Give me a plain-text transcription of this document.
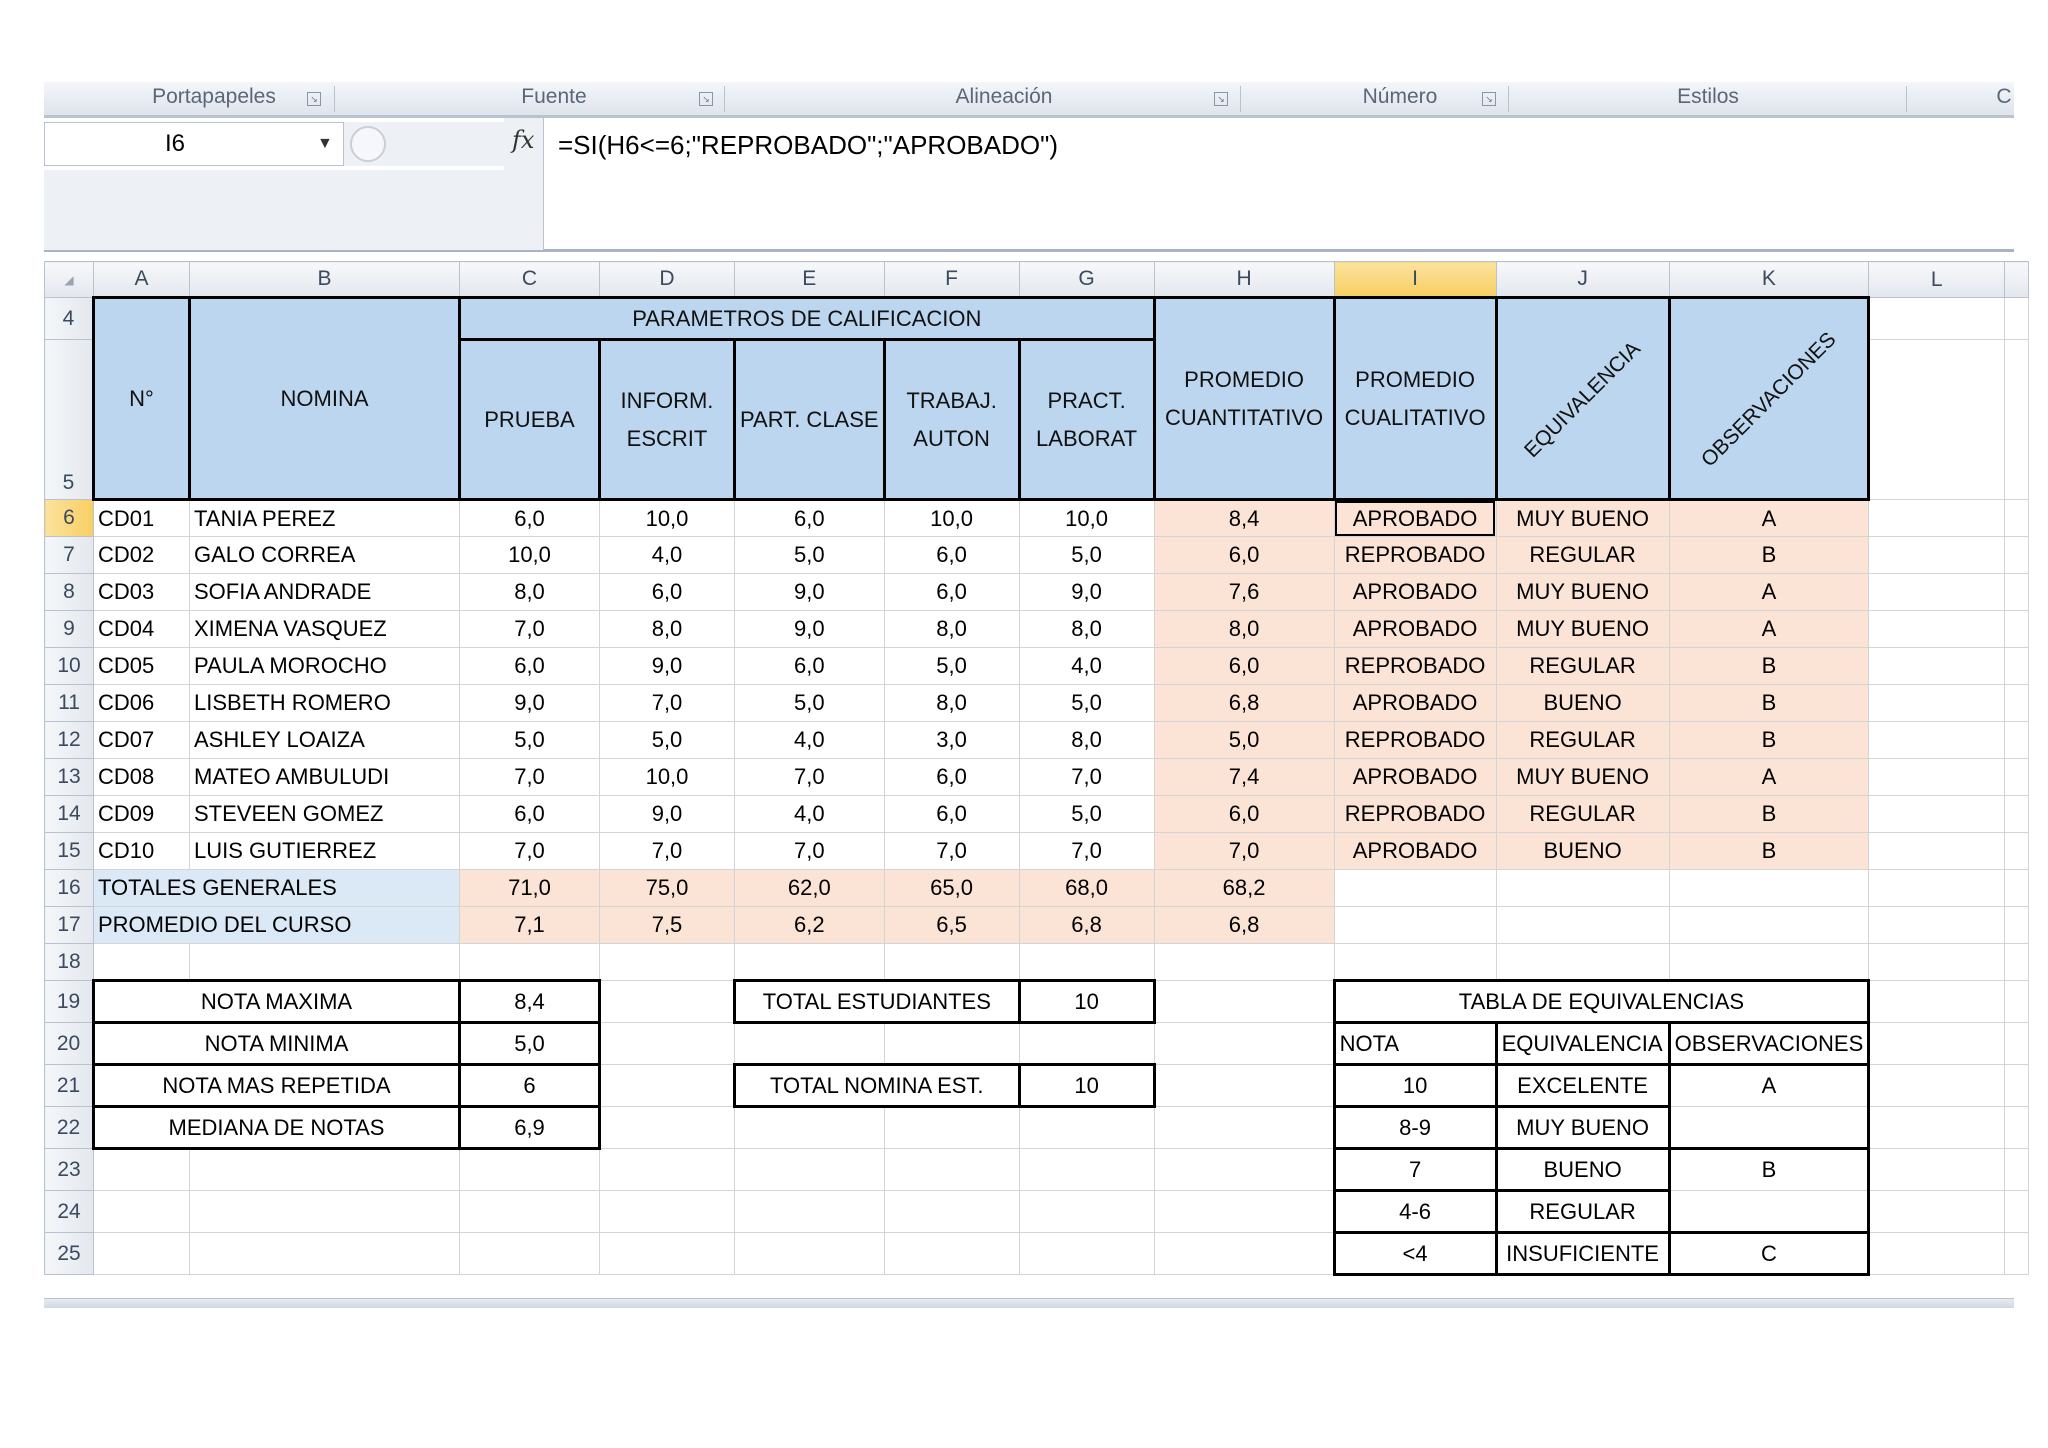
Portapapeles	↘	Fuente	↘	Alineación	↘	Número	↘	Estilos	C
I6	▼	fx =SI(H6<=6;"REPROBADO";"APROBADO")
◢	A	B	C	D	E	F	G	H	I	J	K	L	
4	N°	NOMINA	PARAMETROS DE CALIFICACION					PROMEDIO CUANTITATIVO	PROMEDIO CUALITATIVO	EQUIVALENCIA	OBSERVACIONES		
5			PRUEBA	INFORM. ESCRIT	PART. CLASE	TRABAJ. AUTON	PRACT. LABORAT						
6	CD01	TANIA PEREZ	6,0	10,0	6,0	10,0	10,0	8,4	APROBADO	MUY BUENO	A		
7	CD02	GALO CORREA	10,0	4,0	5,0	6,0	5,0	6,0	REPROBADO	REGULAR	B		
8	CD03	SOFIA ANDRADE	8,0	6,0	9,0	6,0	9,0	7,6	APROBADO	MUY BUENO	A		
9	CD04	XIMENA VASQUEZ	7,0	8,0	9,0	8,0	8,0	8,0	APROBADO	MUY BUENO	A		
10	CD05	PAULA MOROCHO	6,0	9,0	6,0	5,0	4,0	6,0	REPROBADO	REGULAR	B		
11	CD06	LISBETH ROMERO	9,0	7,0	5,0	8,0	5,0	6,8	APROBADO	BUENO	B		
12	CD07	ASHLEY LOAIZA	5,0	5,0	4,0	3,0	8,0	5,0	REPROBADO	REGULAR	B		
13	CD08	MATEO AMBULUDI	7,0	10,0	7,0	6,0	7,0	7,4	APROBADO	MUY BUENO	A		
14	CD09	STEVEEN GOMEZ	6,0	9,0	4,0	6,0	5,0	6,0	REPROBADO	REGULAR	B		
15	CD10	LUIS GUTIERREZ	7,0	7,0	7,0	7,0	7,0	7,0	APROBADO	BUENO	B		
16	TOTALES GENERALES		71,0	75,0	62,0	65,0	68,0	68,2					
17	PROMEDIO DEL CURSO		7,1	7,5	6,2	6,5	6,8	6,8					
18													
19	NOTA MAXIMA		8,4		TOTAL ESTUDIANTES		10		TABLA DE EQUIVALENCIAS				
20	NOTA MINIMA		5,0						NOTA	EQUIVALENCIA	OBSERVACIONES		
21	NOTA MAS REPETIDA		6		TOTAL NOMINA EST.		10		10	EXCELENTE	A		
22	MEDIANA DE NOTAS		6,9						8-9	MUY BUENO			
23									7	BUENO	B		
24									4-6	REGULAR			
25									<4	INSUFICIENTE	C		
